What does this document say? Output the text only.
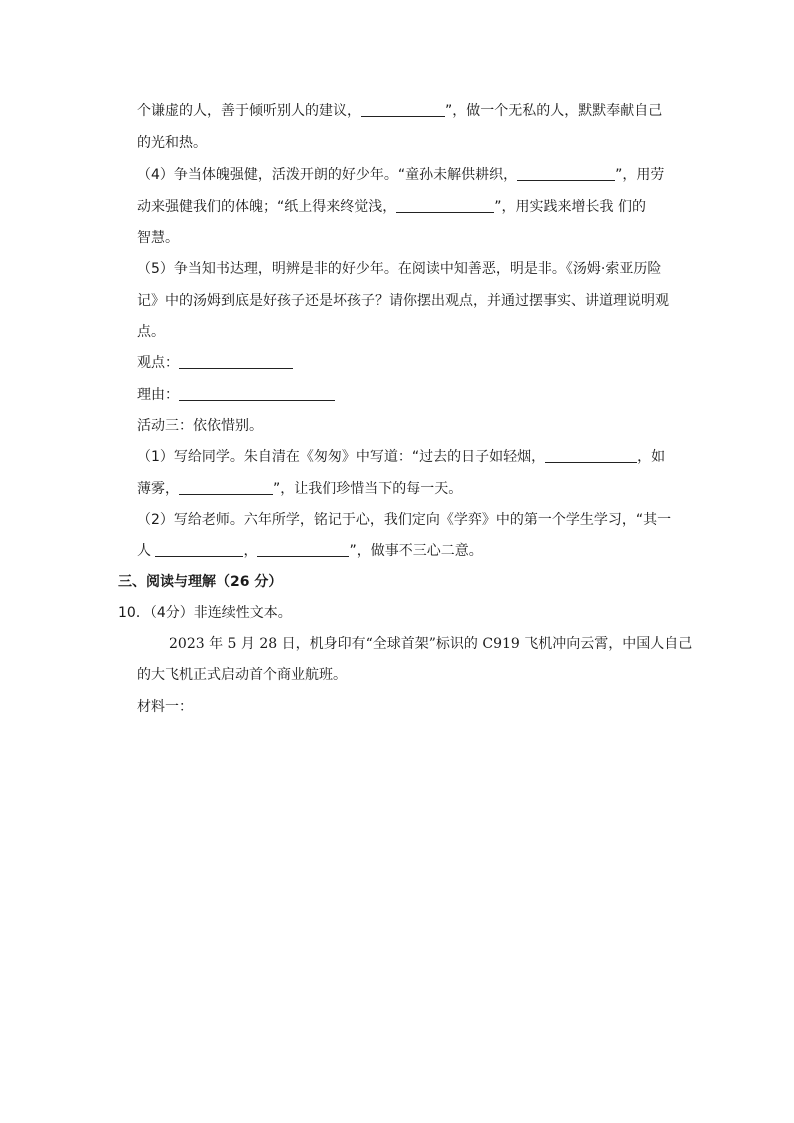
个谦虚的人，善于倾听别人的建议，	”，做一个无私的人，默默奉献自己
的光和热。
（4）争当体魄强健，活泼开朗的好少年。“童孙未解供耕织，	”，用劳
动来强健我们的体魄；“纸上得来终觉浅，	”，用实践来增长我 们的
智慧。
（5）争当知书达理，明辨是非的好少年。在阅读中知善恶，明是非。《汤姆·索亚历险
记》中的汤姆到底是好孩子还是坏孩子？请你摆出观点，并通过摆事实、讲道理说明观
点。
观点：
理由：
活动三：依依惜别。
（1）写给同学。朱自清在《匆匆》中写道：“过去的日子如轻烟，	，如
薄雾，	”，让我们珍惜当下的每一天。
（2）写给老师。六年所学，铭记于心，我们定向《学弈》中的第一个学生学习，“其一
人	，	”，做事不三心二意。
三、阅读与理解（26 分）
10．（4分）非连续性文本。
2023 年 5 月 28 日，机身印有“全球首架”标识的 C919 飞机冲向云霄，中国人自己
的大飞机正式启动首个商业航班。
材料一：
